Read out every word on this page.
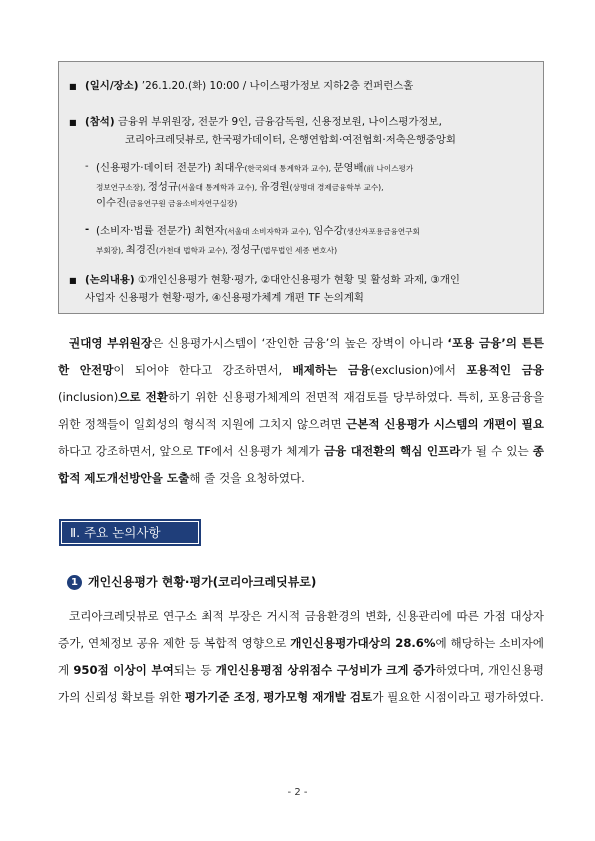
■ (일시/장소) ’26.1.20.(화) 10:00 / 나이스평가정보 지하2층 컨퍼런스홀
■ (참석) 금융위 부위원장, 전문가 9인, 금융감독원, 신용정보원, 나이스평가정보,
코리아크레딧뷰로, 한국평가데이터, 은행연합회·여전협회·저축은행중앙회
- (신용평가·데이터 전문가) 최대우(한국외대 통계학과 교수), 문영배(前 나이스평가
정보연구소장), 정성규(서울대 통계학과 교수), 유경원(상명대 경제금융학부 교수),
이수진(금융연구원 금융소비자연구실장)
- (소비자·법률 전문가) 최현자(서울대 소비자학과 교수), 임수강(생산자포용금융연구회
부회장), 최경진(가천대 법학과 교수), 정성구(법무법인 세종 변호사)
■ (논의내용) ①개인신용평가 현황·평가, ②대안신용평가 현황 및 활성화 과제, ③개인
사업자 신용평가 현황·평가, ④신용평가체계 개편 TF 논의계획

권대영 부위원장은 신용평가시스템이 ‘잔인한 금융’의 높은 장벽이 아니라 ‘포용 금융’의 튼튼한 안전망이 되어야 한다고 강조하면서, 배제하는 금융(exclusion)에서 포용적인 금융(inclusion)으로 전환하기 위한 신용평가체계의 전면적 재검토를 당부하였다. 특히, 포용금융을 위한 정책들이 일회성의 형식적 지원에 그치지 않으려면 근본적 신용평가 시스템의 개편이 필요하다고 강조하면서, 앞으로 TF에서 신용평가 체계가 금융 대전환의 핵심 인프라가 될 수 있는 종합적 제도개선방안을 도출해 줄 것을 요청하였다.

Ⅱ. 주요 논의사항
1 개인신용평가 현황·평가(코리아크레딧뷰로)

코리아크레딧뷰로 연구소 최적 부장은 거시적 금융환경의 변화, 신용관리에 따른 가점 대상자 증가, 연체정보 공유 제한 등 복합적 영향으로 개인신용평가대상의 28.6%에 해당하는 소비자에게 950점 이상이 부여되는 등 개인신용평점 상위점수 구성비가 크게 증가하였다며, 개인신용평가의 신뢰성 확보를 위한 평가기준 조정, 평가모형 재개발 검토가 필요한 시점이라고 평가하였다.

- 2 -
